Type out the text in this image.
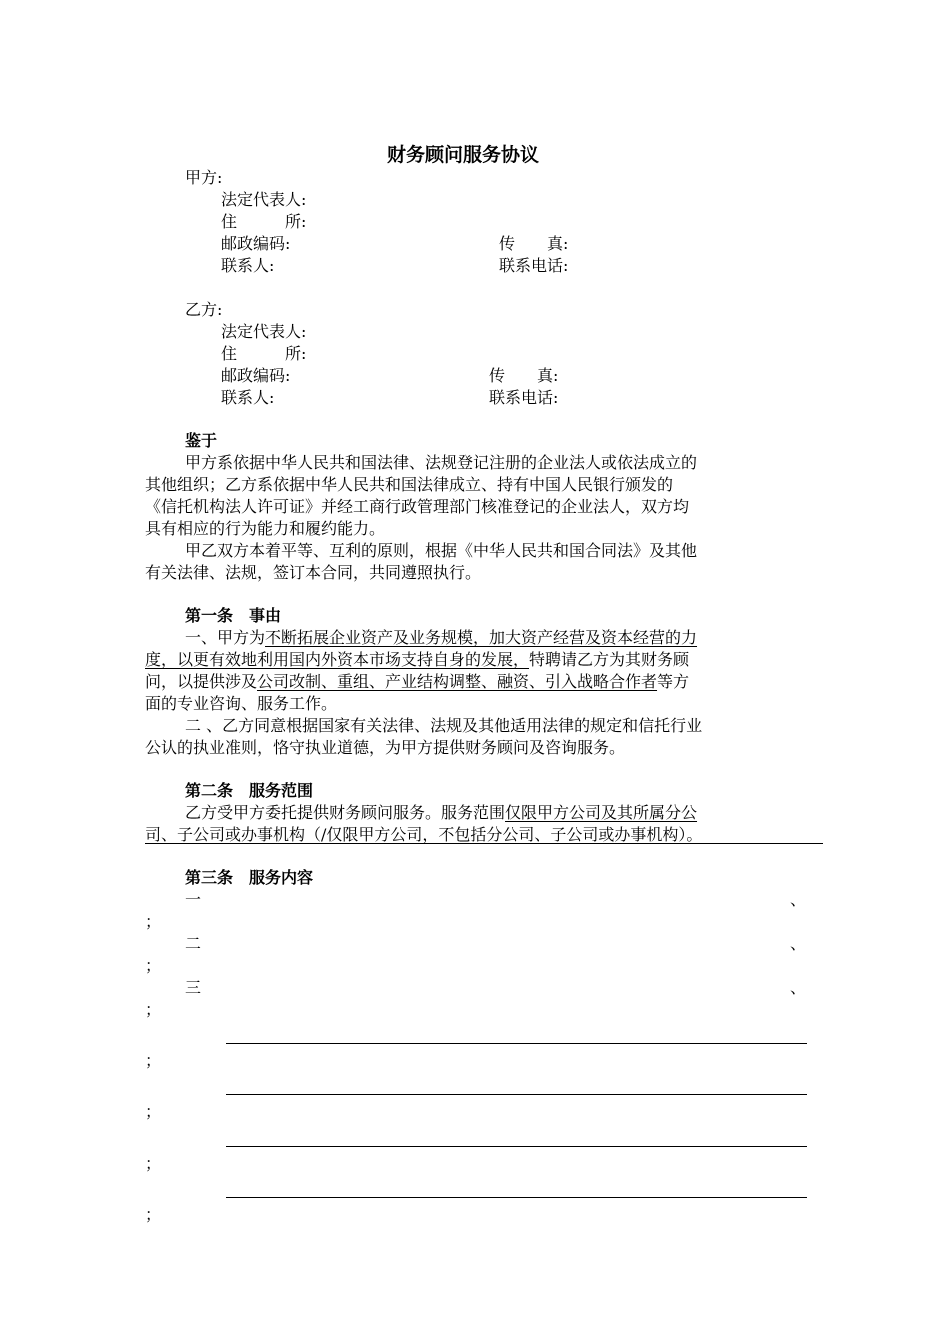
财务顾问服务协议
甲方:
法定代表人:
住　　　所:
邮政编码:	传　　真:
联系人:	联系电话:
乙方:
法定代表人:
住　　　所:
邮政编码:	传　　真:
联系人:	联系电话:
鉴于
甲方系依据中华人民共和国法律、法规登记注册的企业法人或依法成立的
其他组织；乙方系依据中华人民共和国法律成立、持有中国人民银行颁发的
《信托机构法人许可证》并经工商行政管理部门核准登记的企业法人，双方均
具有相应的行为能力和履约能力。
甲乙双方本着平等、互利的原则，根据《中华人民共和国合同法》及其他
有关法律、法规，签订本合同，共同遵照执行。
第一条　事由
一、甲方为不断拓展企业资产及业务规模，加大资产经营及资本经营的力
度，以更有效地利用国内外资本市场支持自身的发展，特聘请乙方为其财务顾
问，以提供涉及公司改制、重组、产业结构调整、融资、引入战略合作者等方
面的专业咨询、服务工作。
二 、乙方同意根据国家有关法律、法规及其他适用法律的规定和信托行业
公认的执业准则，恪守执业道德，为甲方提供财务顾问及咨询服务。
第二条　服务范围
乙方受甲方委托提供财务顾问服务。服务范围仅限甲方公司及其所属分公
司、子公司或办事机构（/仅限甲方公司，不包括分公司、子公司或办事机构）。
第三条　服务内容
一	、
；
二	、
；
三	、
；
；
；
；
；
